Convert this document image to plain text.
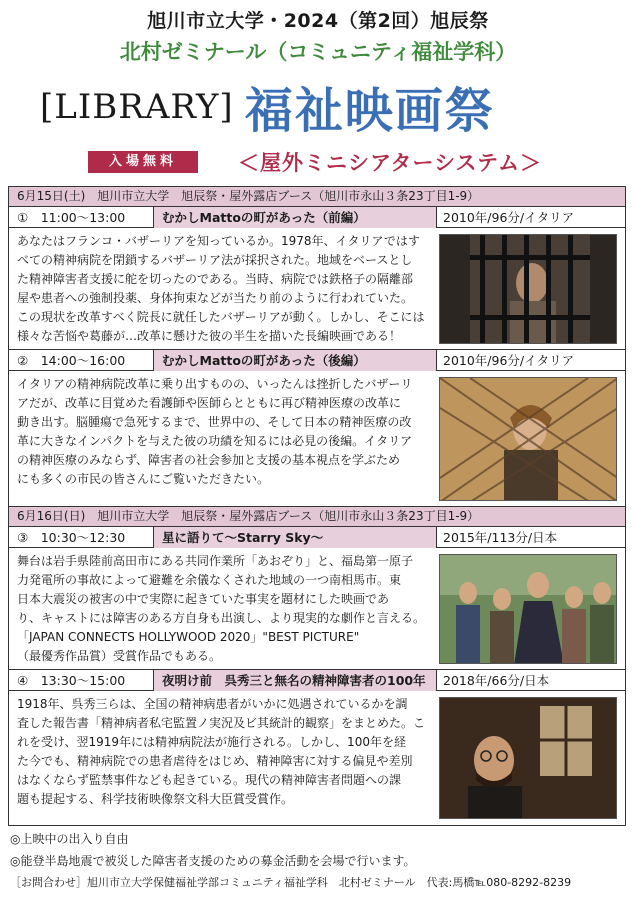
旭川市立大学・2024（第2回）旭辰祭
北村ゼミナール（コミュニティ福祉学科）
[LIBRARY] 福祉映画祭
入場無料	＜屋外ミニシアターシステム＞
6月15日(土)　旭川市立大学　旭辰祭・屋外露店ブース（旭川市永山３条23丁目1-9）
①　11:00～13:00	むかしMattoの町があった（前編）	2010年/96分/イタリア
あなたはフランコ・バザーリアを知っているか。1978年、イタリアではす
べての精神病院を閉鎖するバザーリア法が採択された。地域をベースとし
た精神障害者支援に舵を切ったのである。当時、病院では鉄格子の隔離部
屋や患者への強制投薬、身体拘束などが当たり前のように行われていた。
この現状を改革すべく院長に就任したバザーリアが動く。しかし、そこには
様々な苦悩や葛藤が…改革に懸けた彼の半生を描いた長編映画である！
②　14:00～16:00	むかしMattoの町があった（後編）	2010年/96分/イタリア
イタリアの精神病院改革に乗り出すものの、いったんは挫折したバザーリ
アだが、改革に目覚めた看護師や医師らとともに再び精神医療の改革に
動き出す。脳腫瘍で急死するまで、世界中の、そして日本の精神医療の改
革に大きなインパクトを与えた彼の功績を知るには必見の後編。イタリア
の精神医療のみならず、障害者の社会参加と支援の基本視点を学ぶため
にも多くの市民の皆さんにご覧いただきたい。
6月16日(日)　旭川市立大学　旭辰祭・屋外露店ブース（旭川市永山３条23丁目1-9）
③　10:30～12:30	星に語りて～Starry Sky～	2015年/113分/日本
舞台は岩手県陸前高田市にある共同作業所「あおぞり」と、福島第一原子
力発電所の事故によって避難を余儀なくされた地域の一つ南相馬市。東
日本大震災の被害の中で実際に起きていた事実を題材にした映画であ
り、キャストには障害のある方自身も出演し、より現実的な劇作と言える。
「JAPAN CONNECTS HOLLYWOOD 2020」"BEST PICTURE"
（最優秀作品賞）受賞作品でもある。
④　13:30～15:00	夜明け前　呉秀三と無名の精神障害者の100年	2018年/66分/日本
1918年、呉秀三らは、全国の精神病患者がいかに処遇されているかを調
査した報告書「精神病者私宅監置ノ実況及ビ其統計的観察」をまとめた。こ
れを受け、翌1919年には精神病院法が施行される。しかし、100年を経
た今でも、精神病院での患者虐待をはじめ、精神障害に対する偏見や差別
はなくならず監禁事件なども起きている。現代の精神障害者問題への課
題も提起する、科学技術映像祭文科大臣賞受賞作。
◎上映中の出入り自由
◎能登半島地震で被災した障害者支援のための募金活動を会場で行います。
［お問合わせ］旭川市立大学保健福祉学部コミュニティ福祉学科　北村ゼミナール　代表:馬橋℡080-8292-8239
